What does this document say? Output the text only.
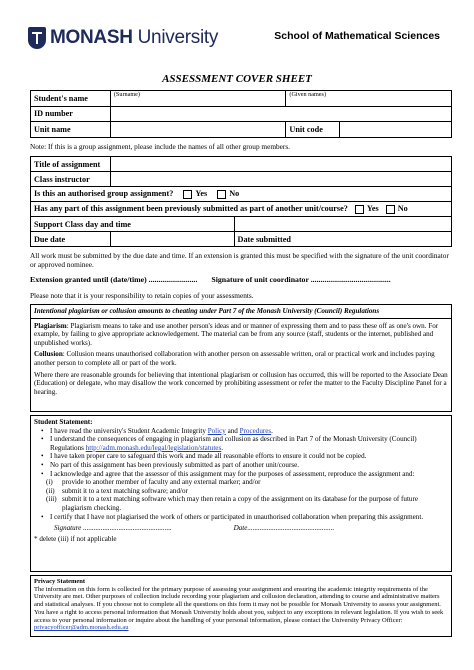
MONASH University	School of Mathematical Sciences
ASSESSMENT COVER SHEET
Student's name	(Surname)	(Given names)	
ID number			
Unit name		Unit code	
Note: If this is a group assignment, please include the names of all other group members.
Title of assignment		
Class instructor		
Is this an authorised group assignment? Yes No		
Has any part of this assignment been previously submitted as part of another unit/course? Yes No		
Support Class day and time		
Due date		Date submitted
All work must be submitted by the due date and time. If an extension is granted this must be specified with the signature of the unit coordinator or approved nominee.
Extension granted until (date/time) ......................... Signature of unit coordinator .........................................
Please note that it is your responsibility to retain copies of your assessments.
Intentional plagiarism or collusion amounts to cheating under Part 7 of the Monash University (Council) Regulations

Plagiarism: Plagiarism means to take and use another person's ideas and or manner of expressing them and to pass these off as one's own. For example, by failing to give appropriate acknowledgement. The material can be from any source (staff, students or the internet, published and unpublished works).

Collusion: Collusion means unauthorised collaboration with another person on assessable written, oral or practical work and includes paying another person to complete all or part of the work.

Where there are reasonable grounds for believing that intentional plagiarism or collusion has occurred, this will be reported to the Associate Dean (Education) or delegate, who may disallow the work concerned by prohibiting assessment or refer the matter to the Faculty Discipline Panel for a hearing.

Student Statement:
• I have read the university's Student Academic Integrity Policy and Procedures.
• I understand the consequences of engaging in plagiarism and collusion as described in Part 7 of the Monash University (Council) Regulations http://adm.monash.edu/legal/legislation/statutes.
• I have taken proper care to safeguard this work and made all reasonable efforts to ensure it could not be copied.
• No part of this assignment has been previously submitted as part of another unit/course.
• I acknowledge and agree that the assessor of this assignment may for the purposes of assessment, reproduce the assignment and:
(i) provide to another member of faculty and any external marker; and/or
(ii) submit it to a text matching software; and/or
(iii) submit it to a text matching software which may then retain a copy of the assignment on its database for the purpose of future plagiarism checking.
• I certify that I have not plagiarised the work of others or participated in unauthorised collaboration when preparing this assignment.
Signature ..................................................	Date.................................................
* delete (iii) if not applicable
Privacy Statement
The information on this form is collected for the primary purpose of assessing your assignment and ensuring the academic integrity requirements of the University are met. Other purposes of collection include recording your plagiarism and collusion declaration, attending to course and administrative matters and statistical analyses. If you choose not to complete all the questions on this form it may not be possible for Monash University to assess your assignment. You have a right to access personal information that Monash University holds about you, subject to any exceptions in relevant legislation. If you wish to seek access to your personal information or inquire about the handling of your personal information, please contact the University Privacy Officer: privacyofficer@adm.monash.edu.au
